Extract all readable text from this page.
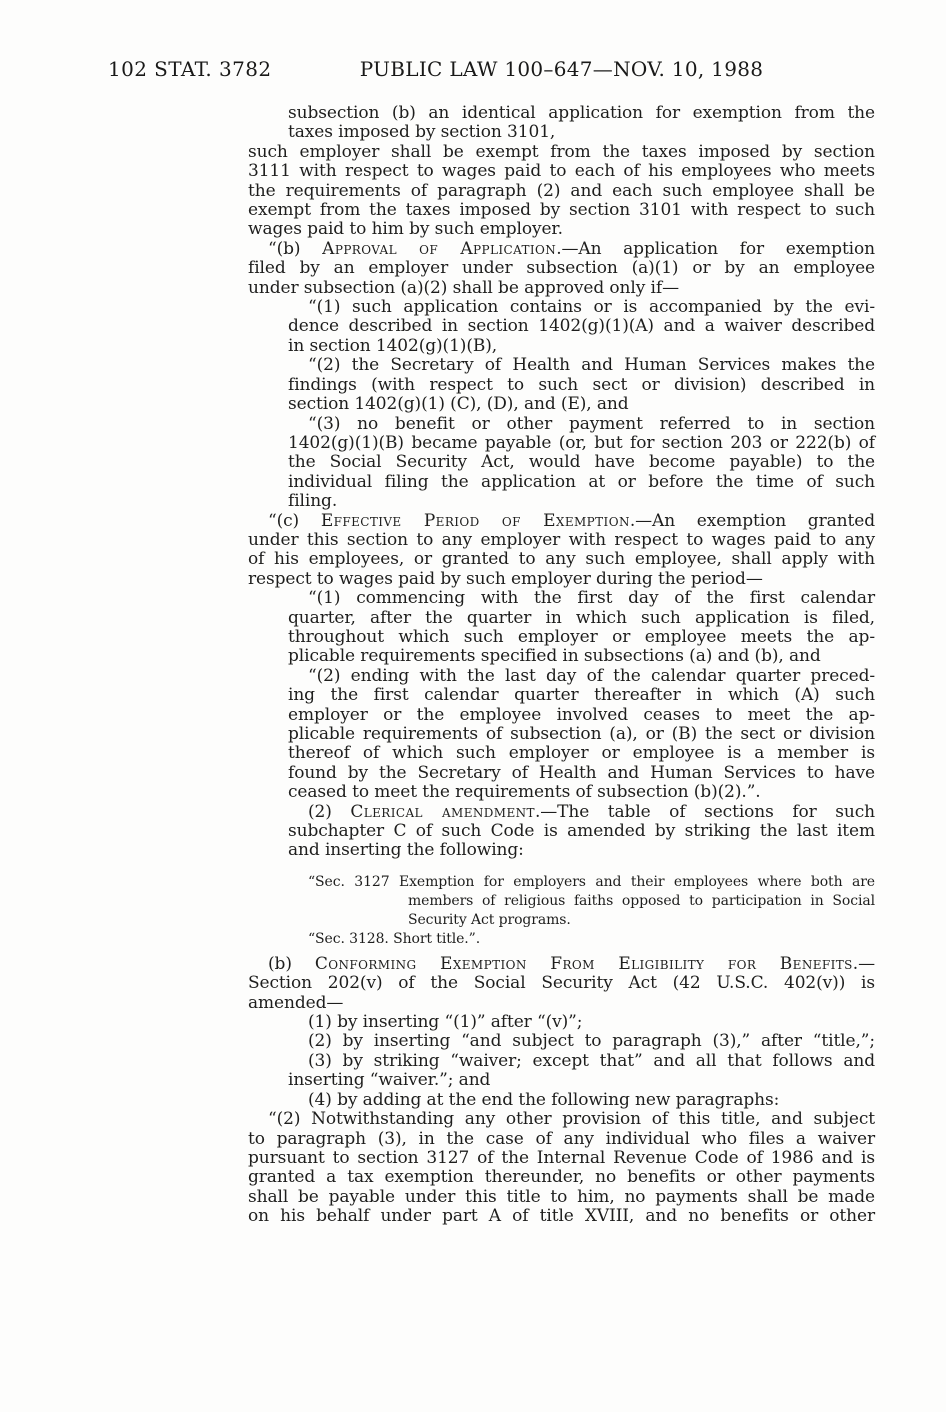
102 STAT. 3782	PUBLIC LAW 100–647—NOV. 10, 1988
subsection (b) an identical application for exemption from the
taxes imposed by section 3101,
such employer shall be exempt from the taxes imposed by section
3111 with respect to wages paid to each of his employees who meets
the requirements of paragraph (2) and each such employee shall be
exempt from the taxes imposed by section 3101 with respect to such
wages paid to him by such employer.
“(b) Approval of Application.—An application for exemption
filed by an employer under subsection (a)(1) or by an employee
under subsection (a)(2) shall be approved only if—
“(1) such application contains or is accompanied by the evi-
dence described in section 1402(g)(1)(A) and a waiver described
in section 1402(g)(1)(B),
“(2) the Secretary of Health and Human Services makes the
findings (with respect to such sect or division) described in
section 1402(g)(1) (C), (D), and (E), and
“(3) no benefit or other payment referred to in section
1402(g)(1)(B) became payable (or, but for section 203 or 222(b) of
the Social Security Act, would have become payable) to the
individual filing the application at or before the time of such
filing.
“(c) Effective Period of Exemption.—An exemption granted
under this section to any employer with respect to wages paid to any
of his employees, or granted to any such employee, shall apply with
respect to wages paid by such employer during the period—
“(1) commencing with the first day of the first calendar
quarter, after the quarter in which such application is filed,
throughout which such employer or employee meets the ap-
plicable requirements specified in subsections (a) and (b), and
“(2) ending with the last day of the calendar quarter preced-
ing the first calendar quarter thereafter in which (A) such
employer or the employee involved ceases to meet the ap-
plicable requirements of subsection (a), or (B) the sect or division
thereof of which such employer or employee is a member is
found by the Secretary of Health and Human Services to have
ceased to meet the requirements of subsection (b)(2).”.
(2) Clerical amendment.—The table of sections for such
subchapter C of such Code is amended by striking the last item
and inserting the following:
“Sec. 3127 Exemption for employers and their employees where both are
members of religious faiths opposed to participation in Social
Security Act programs.
“Sec. 3128. Short title.”.
(b) Conforming Exemption From Eligibility for Benefits.—
Section 202(v) of the Social Security Act (42 U.S.C. 402(v)) is
amended—
(1) by inserting “(1)” after “(v)”;
(2) by inserting “and subject to paragraph (3),” after “title,”;
(3) by striking “waiver; except that” and all that follows and
inserting “waiver.”; and
(4) by adding at the end the following new paragraphs:
“(2) Notwithstanding any other provision of this title, and subject
to paragraph (3), in the case of any individual who files a waiver
pursuant to section 3127 of the Internal Revenue Code of 1986 and is
granted a tax exemption thereunder, no benefits or other payments
shall be payable under this title to him, no payments shall be made
on his behalf under part A of title XVIII, and no benefits or other
